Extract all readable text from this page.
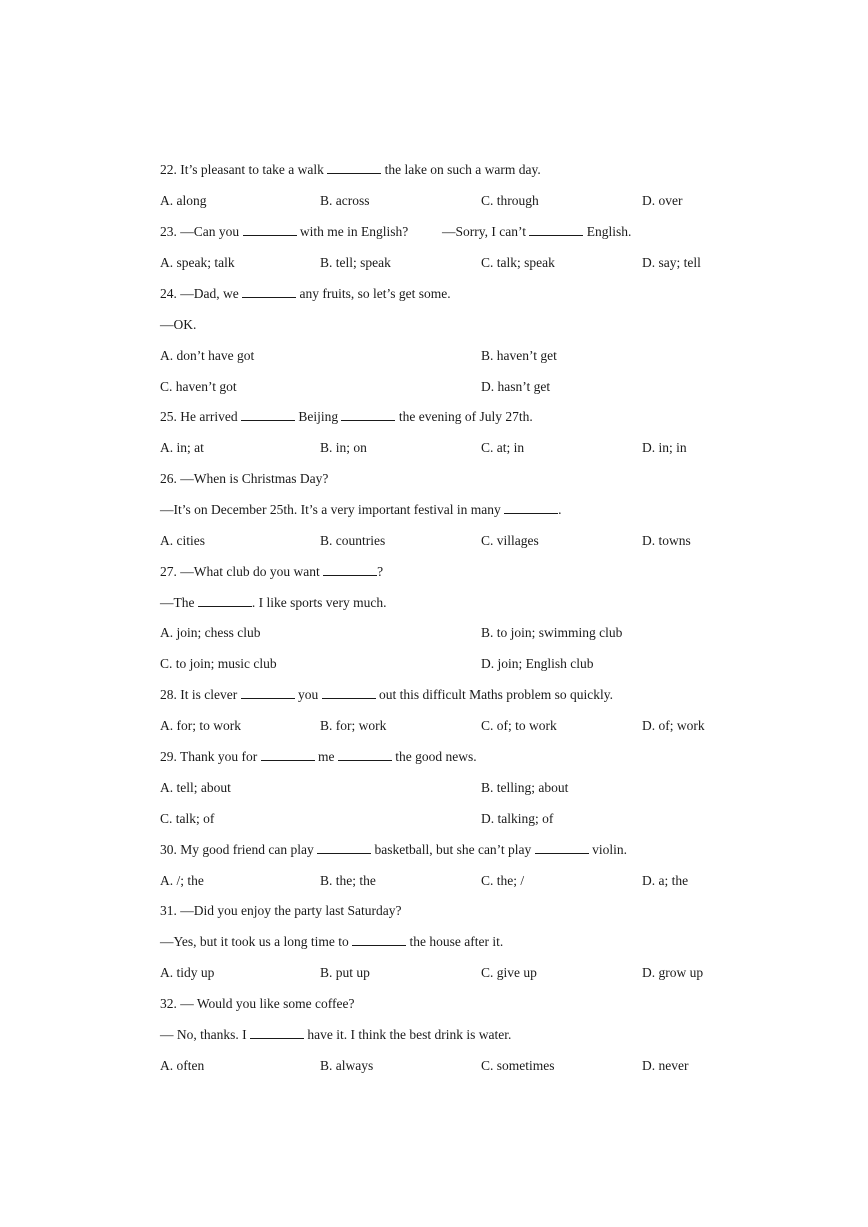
22. It’s pleasant to take a walk	the lake on such a warm day.
A. along	B. across	C. through	D. over
23. —Can you	with me in English?          —Sorry, I can’t	English.
A. speak; talk	B. tell; speak	C. talk; speak	D. say; tell
24. —Dad, we	any fruits, so let’s get some.
—OK.
A. don’t have got	B. haven’t get
C. haven’t got	D. hasn’t get
25. He arrived	Beijing	the evening of July 27th.
A. in; at	B. in; on	C. at; in	D. in; in
26. —When is Christmas Day?
—It’s on December 25th. It’s a very important festival in many	.
A. cities	B. countries	C. villages	D. towns
27. —What club do you want	?
—The	. I like sports very much.
A. join; chess club	B. to join; swimming club
C. to join; music club	D. join; English club
28. It is clever	you	out this difficult Maths problem so quickly.
A. for; to work	B. for; work	C. of; to work	D. of; work
29. Thank you for	me	the good news.
A. tell; about	B. telling; about
C. talk; of	D. talking; of
30. My good friend can play	basketball, but she can’t play	violin.
A. /; the	B. the; the	C. the; /	D. a; the
31. —Did you enjoy the party last Saturday?
—Yes, but it took us a long time to	the house after it.
A. tidy up	B. put up	C. give up	D. grow up
32. — Would you like some coffee?
— No, thanks. I	have it. I think the best drink is water.
A. often	B. always	C. sometimes	D. never
